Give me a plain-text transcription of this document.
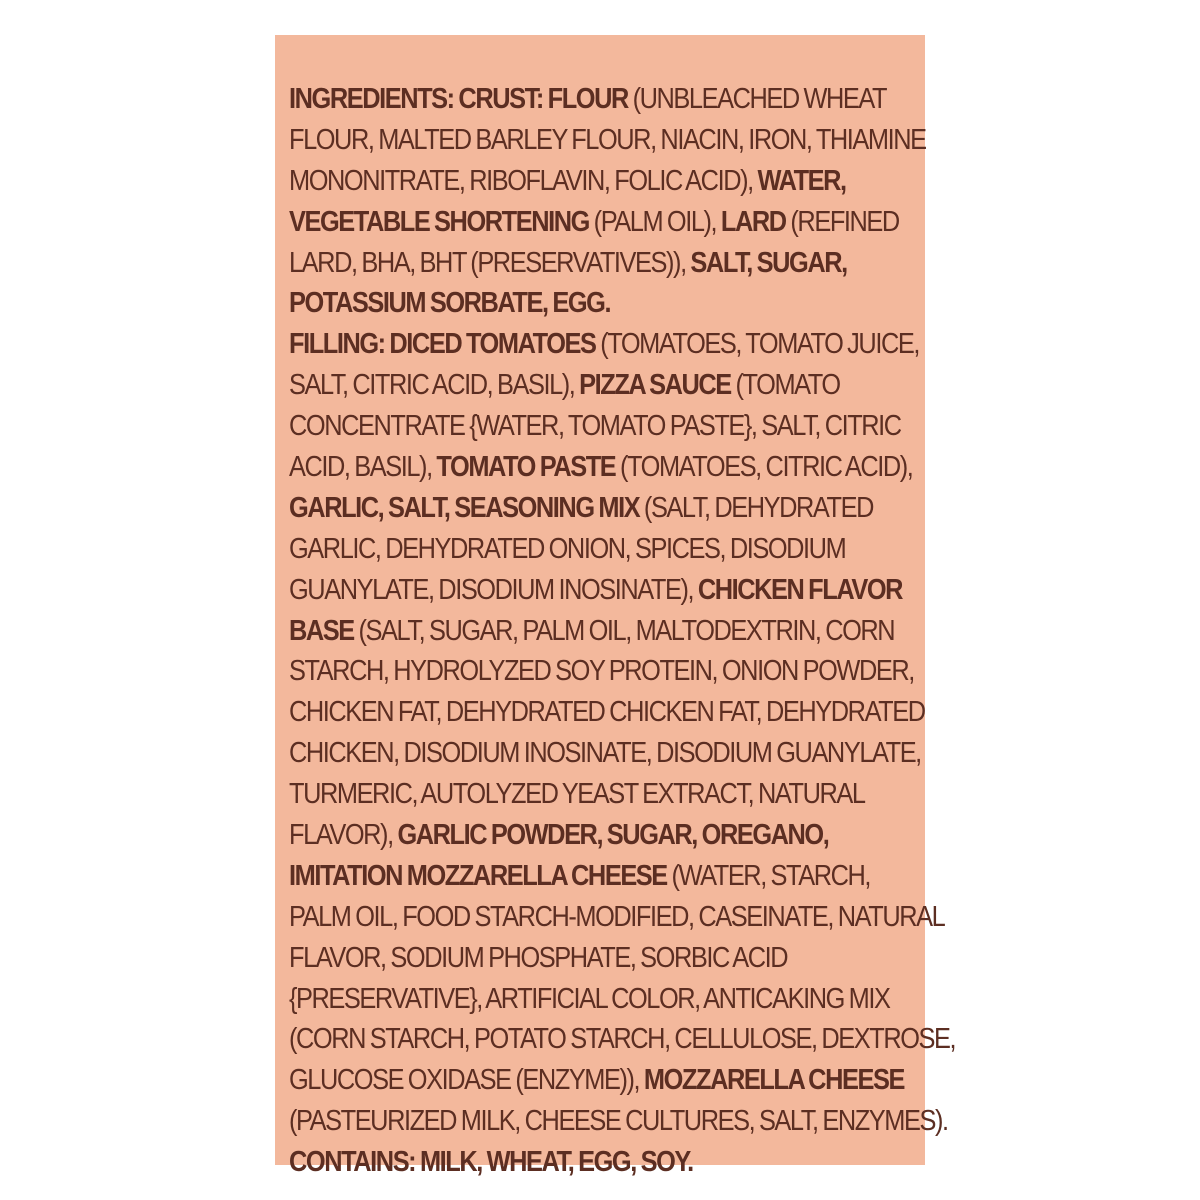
INGREDIENTS: CRUST: FLOUR (UNBLEACHED WHEAT
FLOUR, MALTED BARLEY FLOUR, NIACIN, IRON, THIAMINE
MONONITRATE, RIBOFLAVIN, FOLIC ACID), WATER,
VEGETABLE SHORTENING (PALM OIL), LARD (REFINED
LARD, BHA, BHT (PRESERVATIVES)), SALT, SUGAR,
POTASSIUM SORBATE, EGG.
FILLING: DICED TOMATOES (TOMATOES, TOMATO JUICE,
SALT, CITRIC ACID, BASIL), PIZZA SAUCE (TOMATO
CONCENTRATE {WATER, TOMATO PASTE}, SALT, CITRIC
ACID, BASIL), TOMATO PASTE (TOMATOES, CITRIC ACID),
GARLIC, SALT, SEASONING MIX (SALT, DEHYDRATED
GARLIC, DEHYDRATED ONION, SPICES, DISODIUM
GUANYLATE, DISODIUM INOSINATE), CHICKEN FLAVOR
BASE (SALT, SUGAR, PALM OIL, MALTODEXTRIN, CORN
STARCH, HYDROLYZED SOY PROTEIN, ONION POWDER,
CHICKEN FAT, DEHYDRATED CHICKEN FAT, DEHYDRATED
CHICKEN, DISODIUM INOSINATE, DISODIUM GUANYLATE,
TURMERIC, AUTOLYZED YEAST EXTRACT, NATURAL
FLAVOR), GARLIC POWDER, SUGAR, OREGANO,
IMITATION MOZZARELLA CHEESE (WATER, STARCH,
PALM OIL, FOOD STARCH-MODIFIED, CASEINATE, NATURAL
FLAVOR, SODIUM PHOSPHATE, SORBIC ACID
{PRESERVATIVE}, ARTIFICIAL COLOR, ANTICAKING MIX
(CORN STARCH, POTATO STARCH, CELLULOSE, DEXTROSE,
GLUCOSE OXIDASE (ENZYME)), MOZZARELLA CHEESE
(PASTEURIZED MILK, CHEESE CULTURES, SALT, ENZYMES).
CONTAINS: MILK, WHEAT, EGG, SOY.
